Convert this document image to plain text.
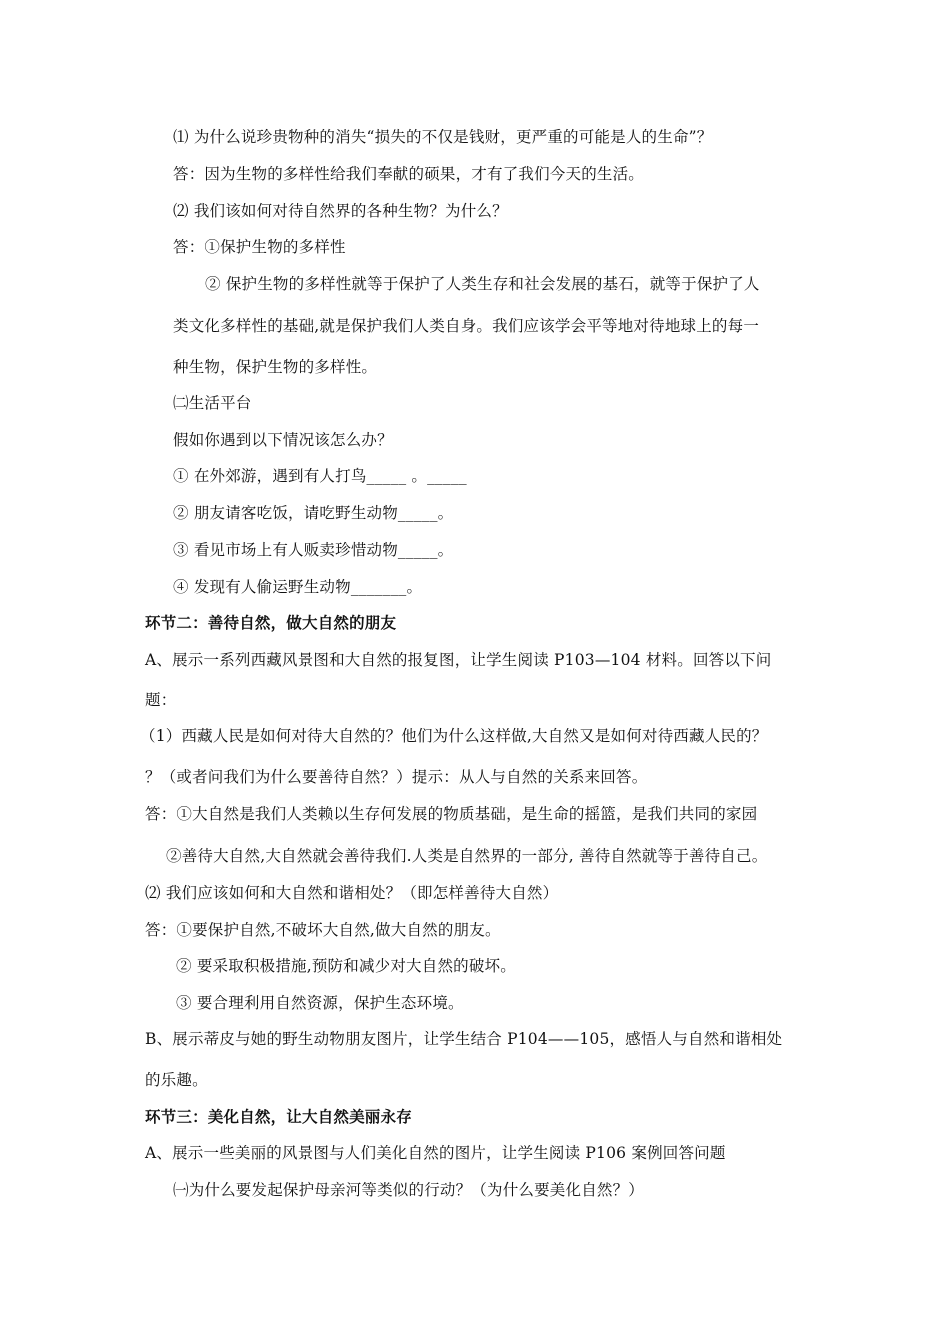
⑴ 为什么说珍贵物种的消失“损失的不仅是钱财，更严重的可能是人的生命”？
答：因为生物的多样性给我们奉献的硕果，才有了我们今天的生活。
⑵ 我们该如何对待自然界的各种生物？为什么？
答：①保护生物的多样性
② 保护生物的多样性就等于保护了人类生存和社会发展的基石，就等于保护了人
类文化多样性的基础,就是保护我们人类自身。我们应该学会平等地对待地球上的每一
种生物，保护生物的多样性。
㈡生活平台
假如你遇到以下情况该怎么办？
① 在外郊游，遇到有人打鸟_____ 。_____
② 朋友请客吃饭，请吃野生动物_____。
③ 看见市场上有人贩卖珍惜动物_____。
④ 发现有人偷运野生动物_______。
环节二：善待自然，做大自然的朋友
A、展示一系列西藏风景图和大自然的报复图，让学生阅读 P103—104 材料。回答以下问
题：
（1）西藏人民是如何对待大自然的？他们为什么这样做,大自然又是如何对待西藏人民的？
？（或者问我们为什么要善待自然？）提示：从人与自然的关系来回答。
答：①大自然是我们人类赖以生存何发展的物质基础，是生命的摇篮，是我们共同的家园
②善待大自然,大自然就会善待我们.人类是自然界的一部分, 善待自然就等于善待自己。
⑵ 我们应该如何和大自然和谐相处？（即怎样善待大自然）
答：①要保护自然,不破坏大自然,做大自然的朋友。
② 要采取积极措施,预防和减少对大自然的破坏。
③ 要合理利用自然资源，保护生态环境。
B、展示蒂皮与她的野生动物朋友图片，让学生结合 P104——105，感悟人与自然和谐相处
的乐趣。
环节三：美化自然，让大自然美丽永存
A、展示一些美丽的风景图与人们美化自然的图片，让学生阅读 P106 案例回答问题
㈠为什么要发起保护母亲河等类似的行动？（为什么要美化自然？）
